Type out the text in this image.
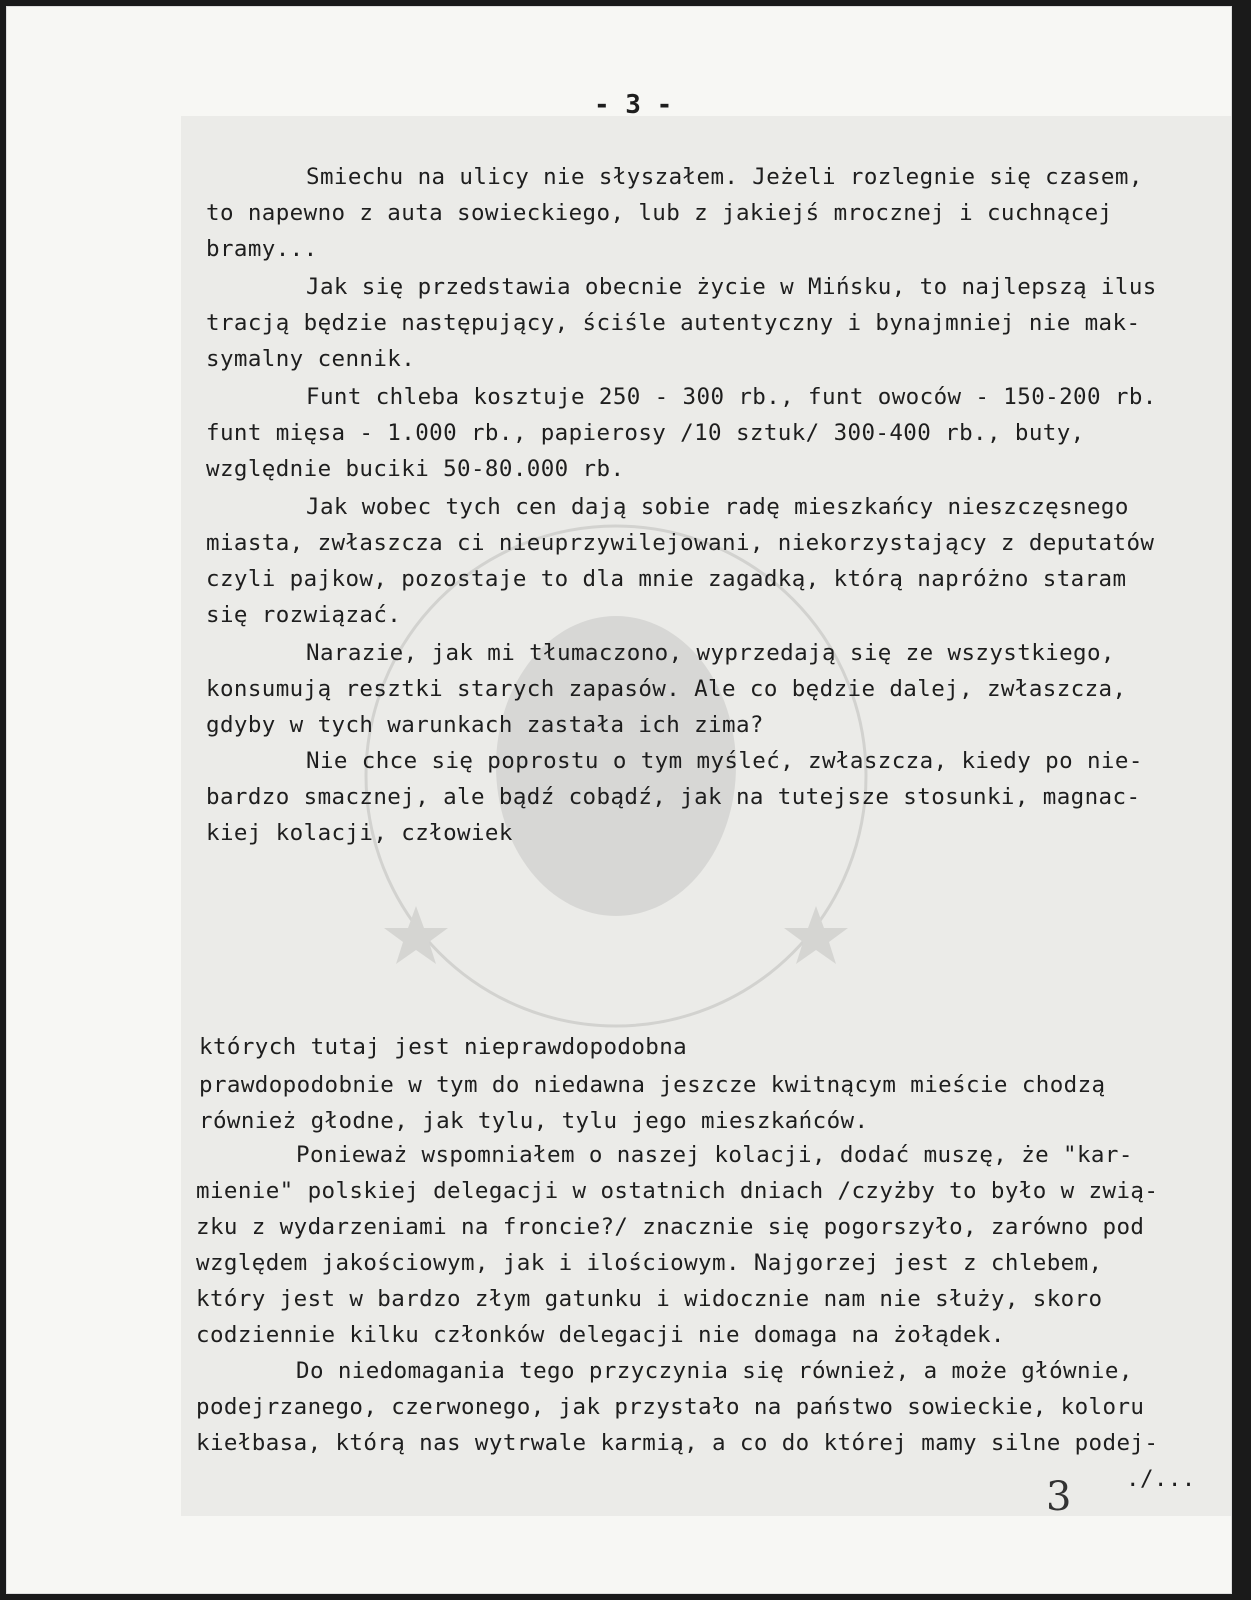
- 3 -
Smiechu na ulicy nie słyszałem. Jeżeli rozlegnie się czasem,
to napewno z auta sowieckiego, lub z jakiejś mrocznej i cuchnącej
bramy...
Jak się przedstawia obecnie życie w Mińsku, to najlepszą ilus
tracją będzie następujący, ściśle autentyczny i bynajmniej nie mak-
symalny cennik.
Funt chleba kosztuje 250 - 300 rb., funt owoców - 150-200 rb.
funt mięsa - 1.000 rb., papierosy /10 sztuk/ 300-400 rb., buty,
względnie buciki 50-80.000 rb.
Jak wobec tych cen dają sobie radę mieszkańcy nieszczęsnego
miasta, zwłaszcza ci nieuprzywilejowani, niekorzystający z deputatów
czyli pajkow, pozostaje to dla mnie zagadką, którą napróżno staram
się rozwiązać.
Narazie, jak mi tłumaczono, wyprzedają się ze wszystkiego,
konsumują resztki starych zapasów. Ale co będzie dalej, zwłaszcza,
gdyby w tych warunkach zastała ich zima?
Nie chce się poprostu o tym myśleć, zwłaszcza, kiedy po nie-
bardzo smacznej, ale bądź cobądź, jak na tutejsze stosunki, magnac-
kiej kolacji, człowiek
których tutaj jest nieprawdopodobna
prawdopodobnie w tym do niedawna jeszcze kwitnącym mieście chodzą
również głodne, jak tylu, tylu jego mieszkańców.
Ponieważ wspomniałem o naszej kolacji, dodać muszę, że "kar-
mienie" polskiej delegacji w ostatnich dniach /czyżby to było w zwią-
zku z wydarzeniami na froncie?/ znacznie się pogorszyło, zarówno pod
względem jakościowym, jak i ilościowym. Najgorzej jest z chlebem,
który jest w bardzo złym gatunku i widocznie nam nie służy, skoro
codziennie kilku członków delegacji nie domaga na żołądek.
Do niedomagania tego przyczynia się również, a może głównie,
podejrzanego, czerwonego, jak przystało na państwo sowieckie, koloru
kiełbasa, którą nas wytrwale karmią, a co do której mamy silne podej-
./...
3
